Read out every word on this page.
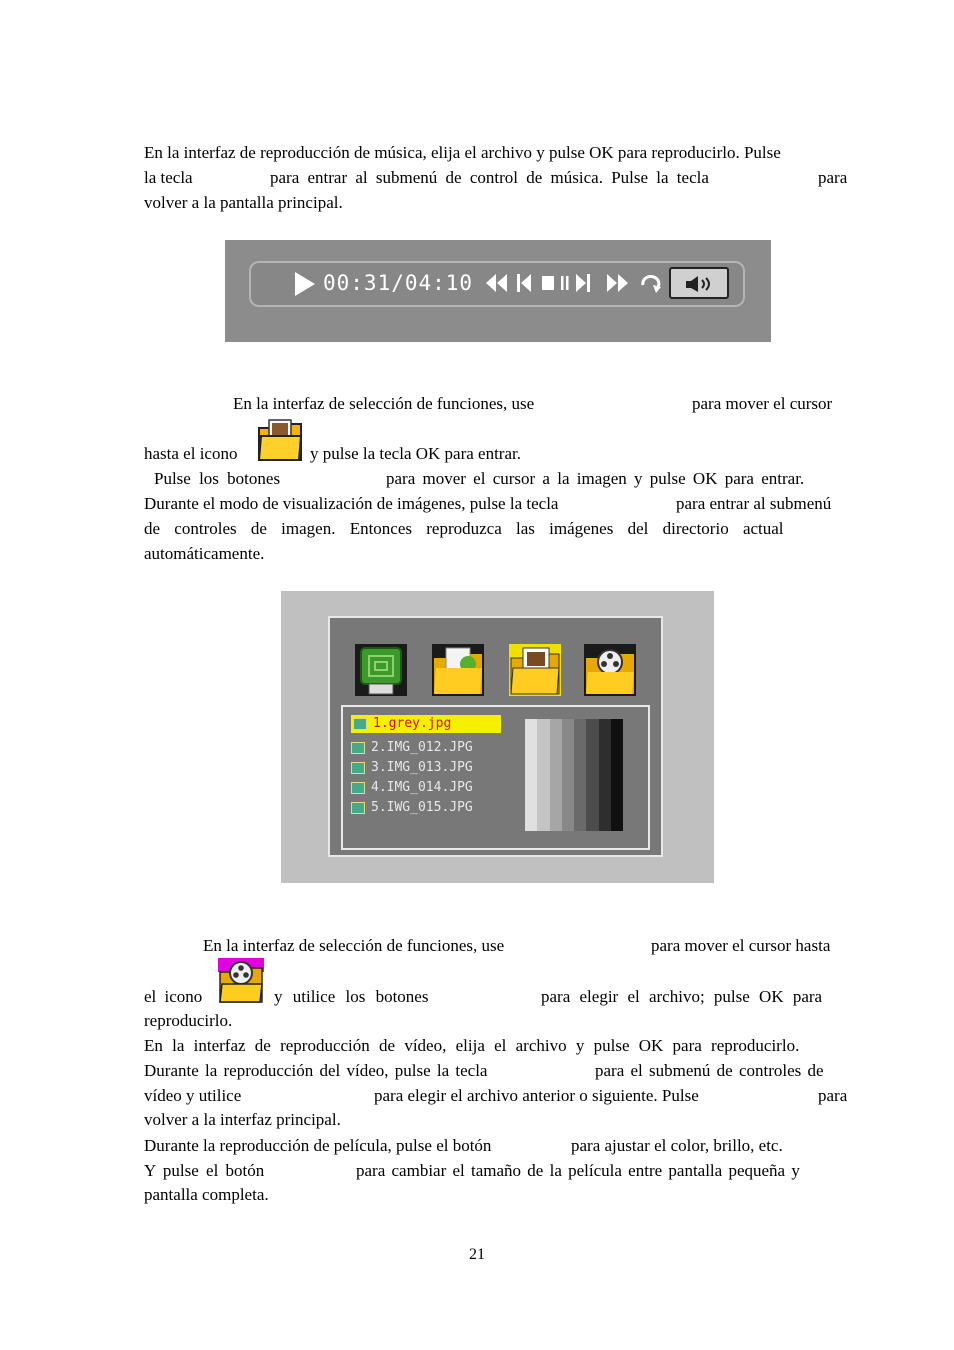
En la interfaz de reproducción de música, elija el archivo y pulse OK para reproducirlo. Pulse
la tecla	para entrar al submenú de control de música. Pulse la tecla	para
volver a la pantalla principal.
00:31/04:10
En la interfaz de selección de funciones, use	para mover el cursor
hasta el icono	y pulse la tecla OK para entrar.
Pulse los botones	para mover el cursor a la imagen y pulse OK para entrar.
Durante el modo de visualización de imágenes, pulse la tecla	para entrar al submenú
de controles de imagen. Entonces reproduzca las imágenes del directorio actual
automáticamente.
1.grey.jpg
2.IMG_012.JPG
3.IMG_013.JPG
4.IMG_014.JPG
5.IWG_015.JPG
En la interfaz de selección de funciones, use	para mover el cursor hasta
el icono	y utilice los botones	para elegir el archivo; pulse OK para
reproducirlo.
En la interfaz de reproducción de vídeo, elija el archivo y pulse OK para reproducirlo.
Durante la reproducción del vídeo, pulse la tecla	para el submenú de controles de
vídeo y utilice	para elegir el archivo anterior o siguiente. Pulse	para
volver a la interfaz principal.
Durante la reproducción de película, pulse el botón	para ajustar el color, brillo, etc.
Y pulse el botón	para cambiar el tamaño de la película entre pantalla pequeña y
pantalla completa.
21
